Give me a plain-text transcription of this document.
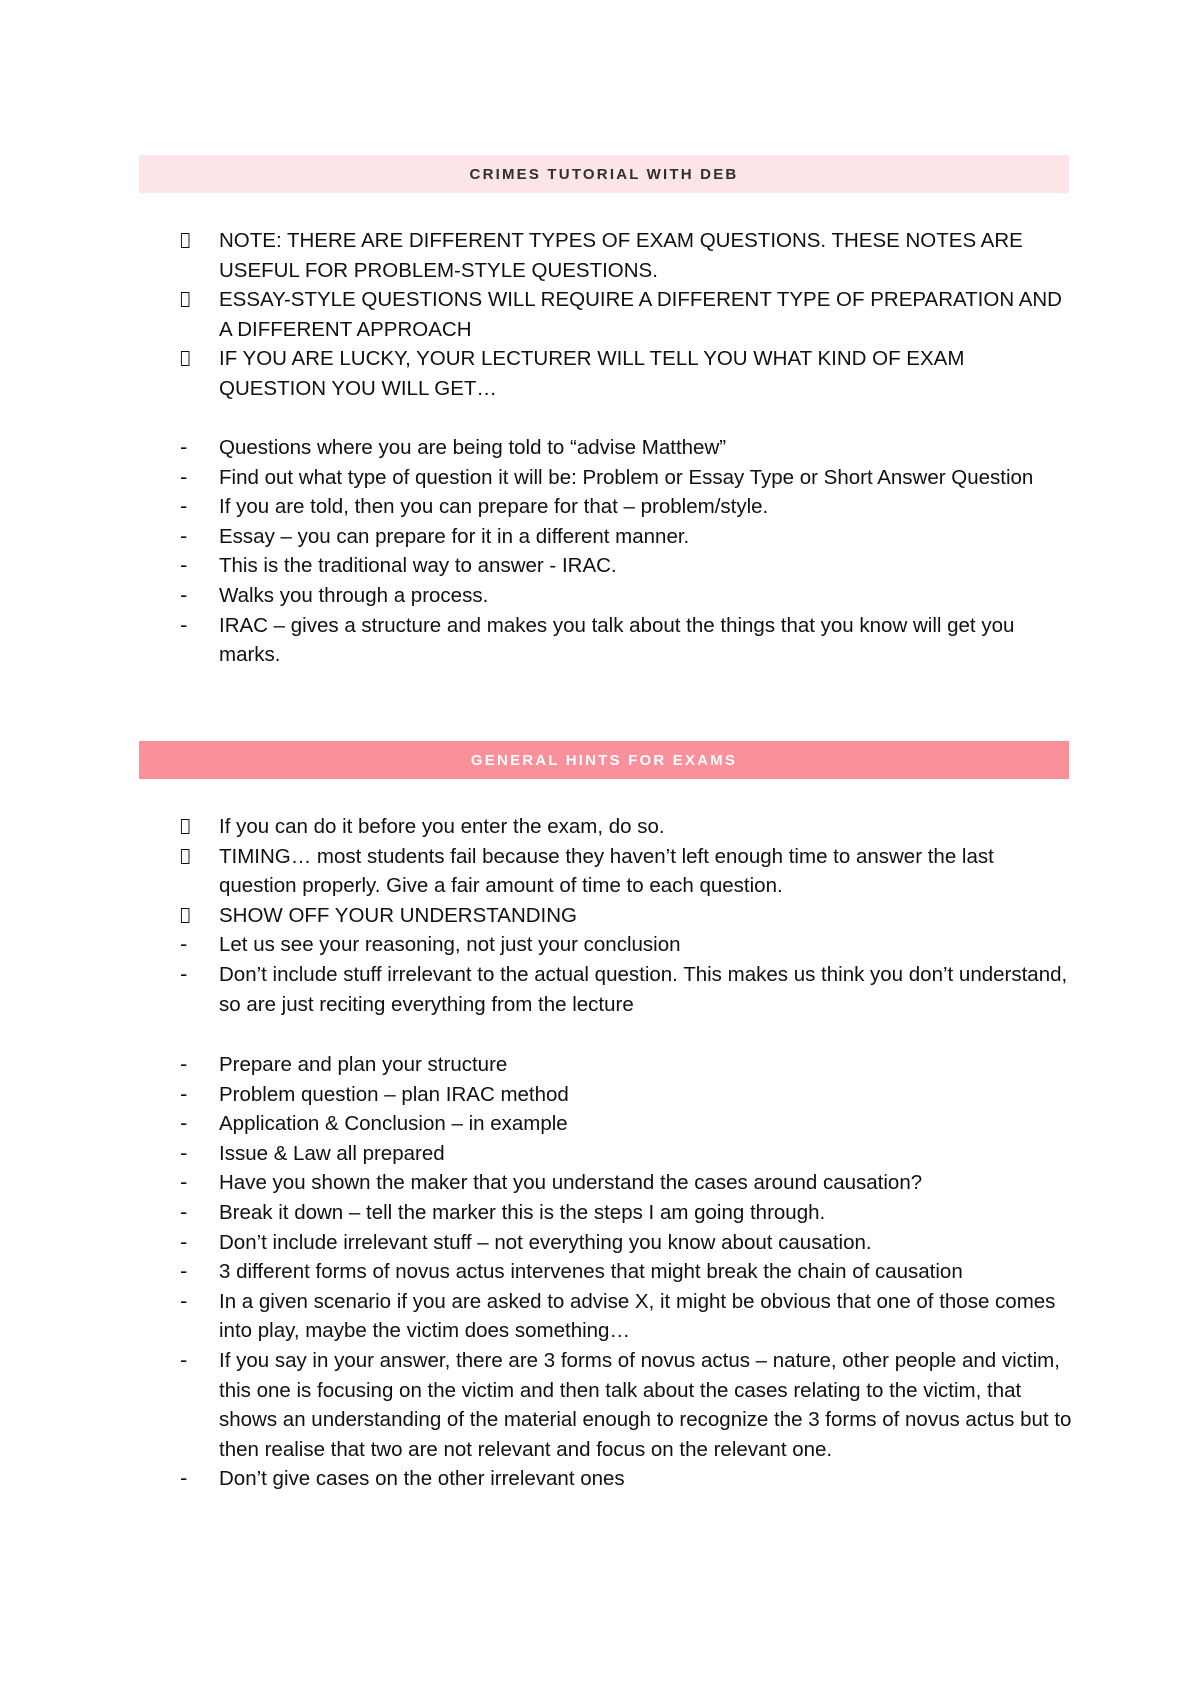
CRIMES TUTORIAL WITH DEB
NOTE: THERE ARE DIFFERENT TYPES OF EXAM QUESTIONS. THESE NOTES ARE USEFUL FOR PROBLEM-STYLE QUESTIONS.
ESSAY-STYLE QUESTIONS WILL REQUIRE A DIFFERENT TYPE OF PREPARATION AND A DIFFERENT APPROACH
IF YOU ARE LUCKY, YOUR LECTURER WILL TELL YOU WHAT KIND OF EXAM QUESTION YOU WILL GET…
-	Questions where you are being told to “advise Matthew”
-	Find out what type of question it will be: Problem or Essay Type or Short Answer Question
-	If you are told, then you can prepare for that – problem/style.
-	Essay – you can prepare for it in a different manner.
-	This is the traditional way to answer - IRAC.
-	Walks you through a process.
-	IRAC – gives a structure and makes you talk about the things that you know will get you marks.
GENERAL HINTS FOR EXAMS
If you can do it before you enter the exam, do so.
TIMING… most students fail because they haven’t left enough time to answer the last question properly. Give a fair amount of time to each question.
SHOW OFF YOUR UNDERSTANDING
-	Let us see your reasoning, not just your conclusion
-	Don’t include stuff irrelevant to the actual question. This makes us think you don’t understand, so are just reciting everything from the lecture
-	Prepare and plan your structure
-	Problem question – plan IRAC method
-	Application & Conclusion – in example
-	Issue & Law all prepared
-	Have you shown the maker that you understand the cases around causation?
-	Break it down – tell the marker this is the steps I am going through.
-	Don’t include irrelevant stuff – not everything you know about causation.
-	3 different forms of novus actus intervenes that might break the chain of causation
-	In a given scenario if you are asked to advise X, it might be obvious that one of those comes into play, maybe the victim does something…
-	If you say in your answer, there are 3 forms of novus actus – nature, other people and victim, this one is focusing on the victim and then talk about the cases relating to the victim, that shows an understanding of the material enough to recognize the 3 forms of novus actus but to then realise that two are not relevant and focus on the relevant one.
-	Don’t give cases on the other irrelevant ones
